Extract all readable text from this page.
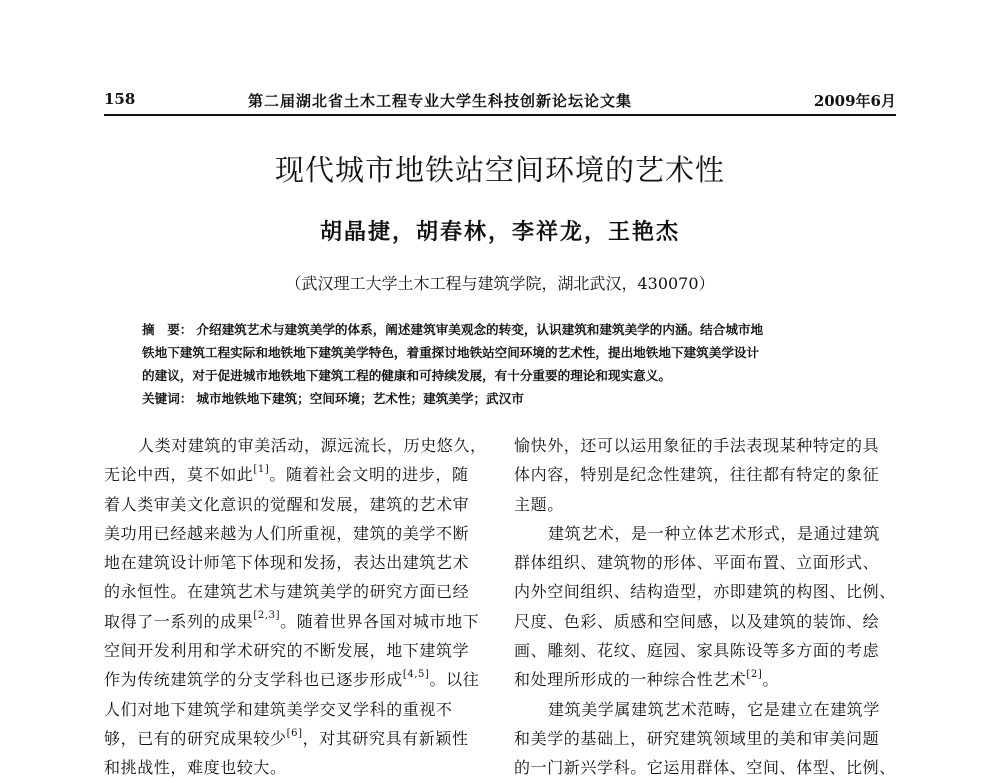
158	第二届湖北省土木工程专业大学生科技创新论坛论文集	2009年6月
现代城市地铁站空间环境的艺术性
胡晶捷，胡春林，李祥龙，王艳杰
（武汉理工大学土木工程与建筑学院，湖北武汉，430070）
摘　要： 介绍建筑艺术与建筑美学的体系，阐述建筑审美观念的转变，认识建筑和建筑美学的内涵。结合城市地
铁地下建筑工程实际和地铁地下建筑美学特色，着重探讨地铁站空间环境的艺术性，提出地铁地下建筑美学设计
的建议，对于促进城市地铁地下建筑工程的健康和可持续发展，有十分重要的理论和现实意义。
关键词： 城市地铁地下建筑；空间环境；艺术性；建筑美学；武汉市
人类对建筑的审美活动，源远流长，历史悠久，
无论中西，莫不如此[1]。随着社会文明的进步，随
着人类审美文化意识的觉醒和发展，建筑的艺术审
美功用已经越来越为人们所重视，建筑的美学不断
地在建筑设计师笔下体现和发扬，表达出建筑艺术
的永恒性。在建筑艺术与建筑美学的研究方面已经
取得了一系列的成果[2,3]。随着世界各国对城市地下
空间开发利用和学术研究的不断发展，地下建筑学
作为传统建筑学的分支学科也已逐步形成[4,5]。以往
人们对地下建筑学和建筑美学交叉学科的重视不
够，已有的研究成果较少[6]，对其研究具有新颖性
和挑战性，难度也较大。
愉快外，还可以运用象征的手法表现某种特定的具
体内容，特别是纪念性建筑，往往都有特定的象征
主题。
建筑艺术，是一种立体艺术形式，是通过建筑
群体组织、建筑物的形体、平面布置、立面形式、
内外空间组织、结构造型，亦即建筑的构图、比例、
尺度、色彩、质感和空间感，以及建筑的装饰、绘
画、雕刻、花纹、庭园、家具陈设等多方面的考虑
和处理所形成的一种综合性艺术[2]。
建筑美学属建筑艺术范畴，它是建立在建筑学
和美学的基础上，研究建筑领域里的美和审美问题
的一门新兴学科。它运用群体、空间、体型、比例、
